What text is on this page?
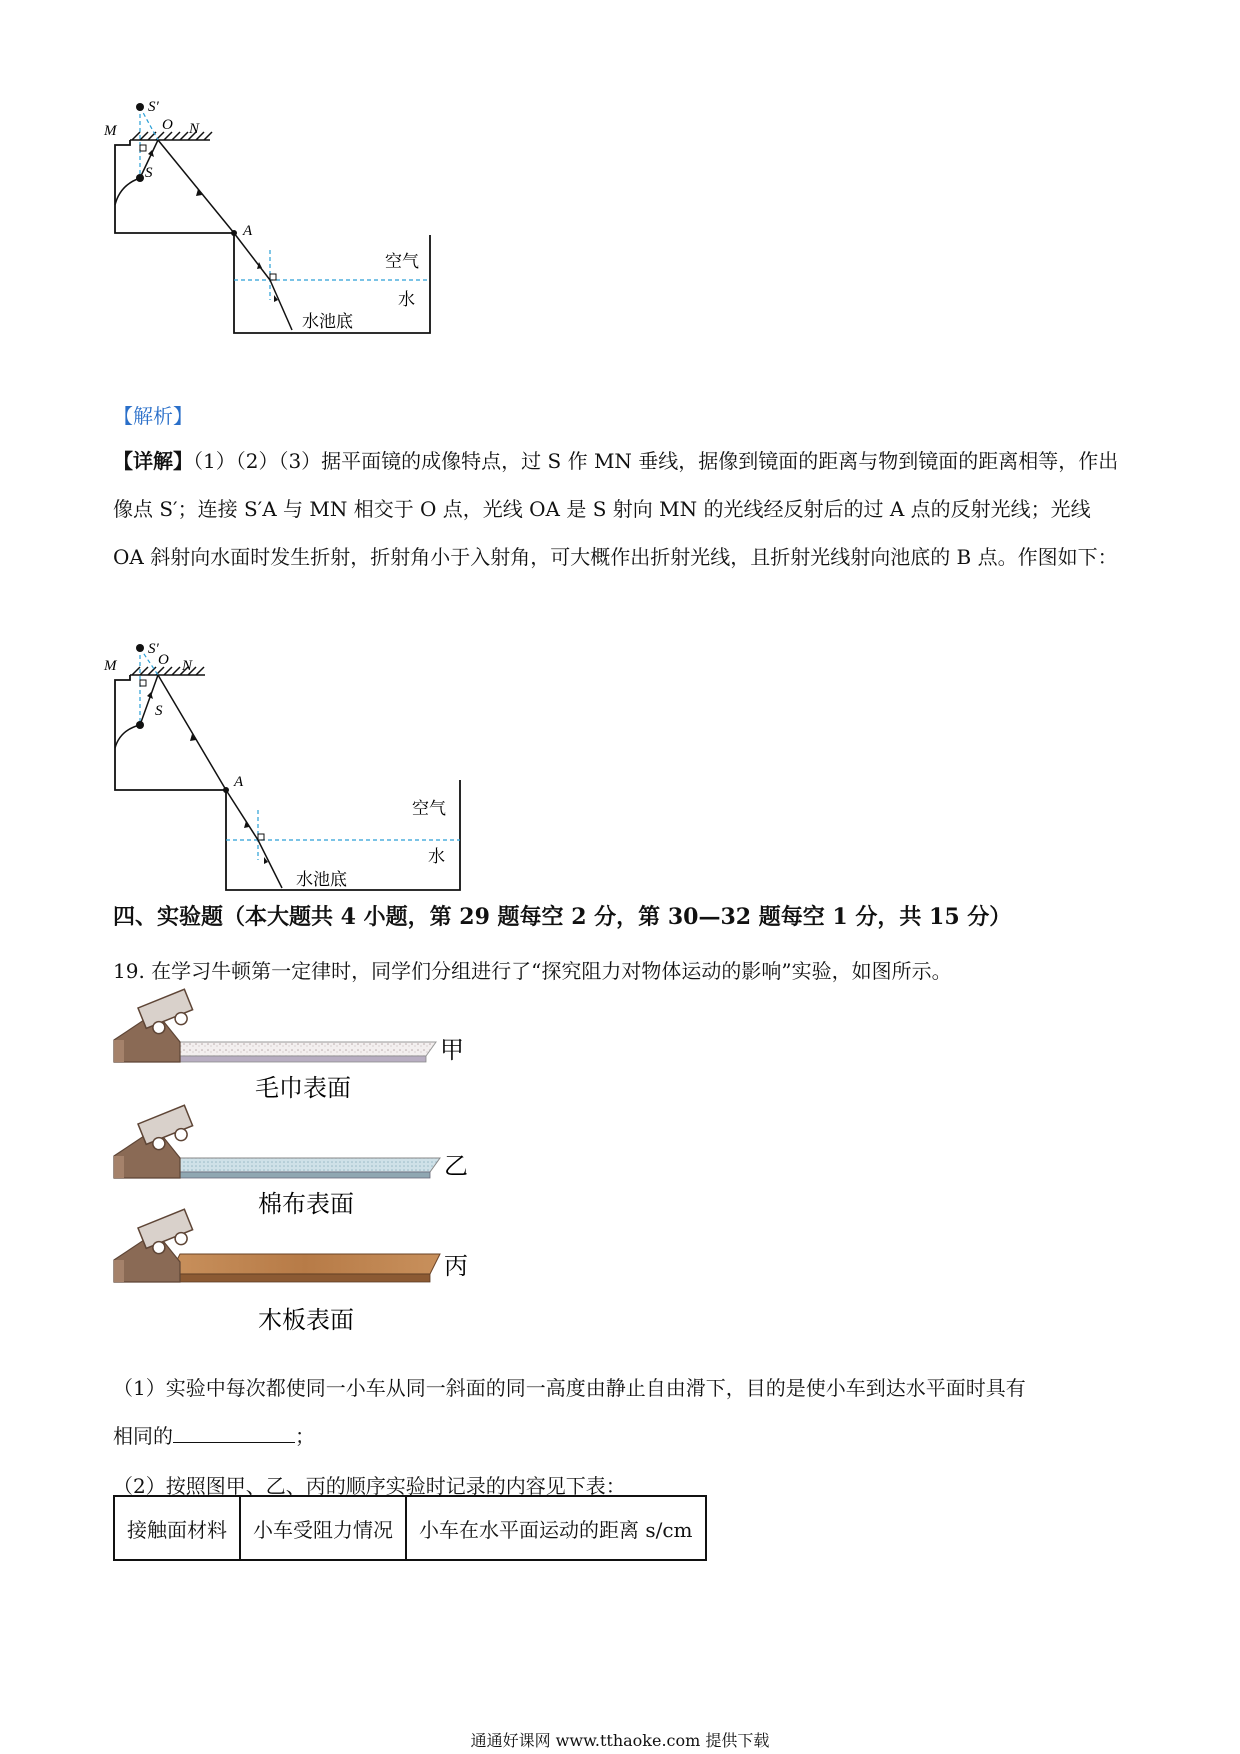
S′
M	O N
S
A
空气
水
水池底
【解析】
【详解】（1）（2）（3）据平面镜的成像特点，过 S 作 MN 垂线，据像到镜面的距离与物到镜面的距离相等，作出像点 S′；连接 S′A 与 MN 相交于 O 点，光线 OA 是 S 射向 MN 的光线经反射后的过 A 点的反射光线；光线 OA 斜射向水面时发生折射，折射角小于入射角，可大概作出折射光线，且折射光线射向池底的 B 点。作图如下：
S′
M	O N
S
A
空气
水
水池底
四、实验题（本大题共 4 小题，第 29 题每空 2 分，第 30—32 题每空 1 分，共 15 分）
19. 在学习牛顿第一定律时，同学们分组进行了“探究阻力对物体运动的影响”实验，如图所示。
甲
毛巾表面
乙
棉布表面
丙
木板表面
（1）实验中每次都使同一小车从同一斜面的同一高度由静止自由滑下，目的是使小车到达水平面时具有
相同的	；
（2）按照图甲、乙、丙的顺序实验时记录的内容见下表：
接触面材料	小车受阻力情况	小车在水平面运动的距离 s/cm
通通好课网 www.tthaoke.com 提供下载
